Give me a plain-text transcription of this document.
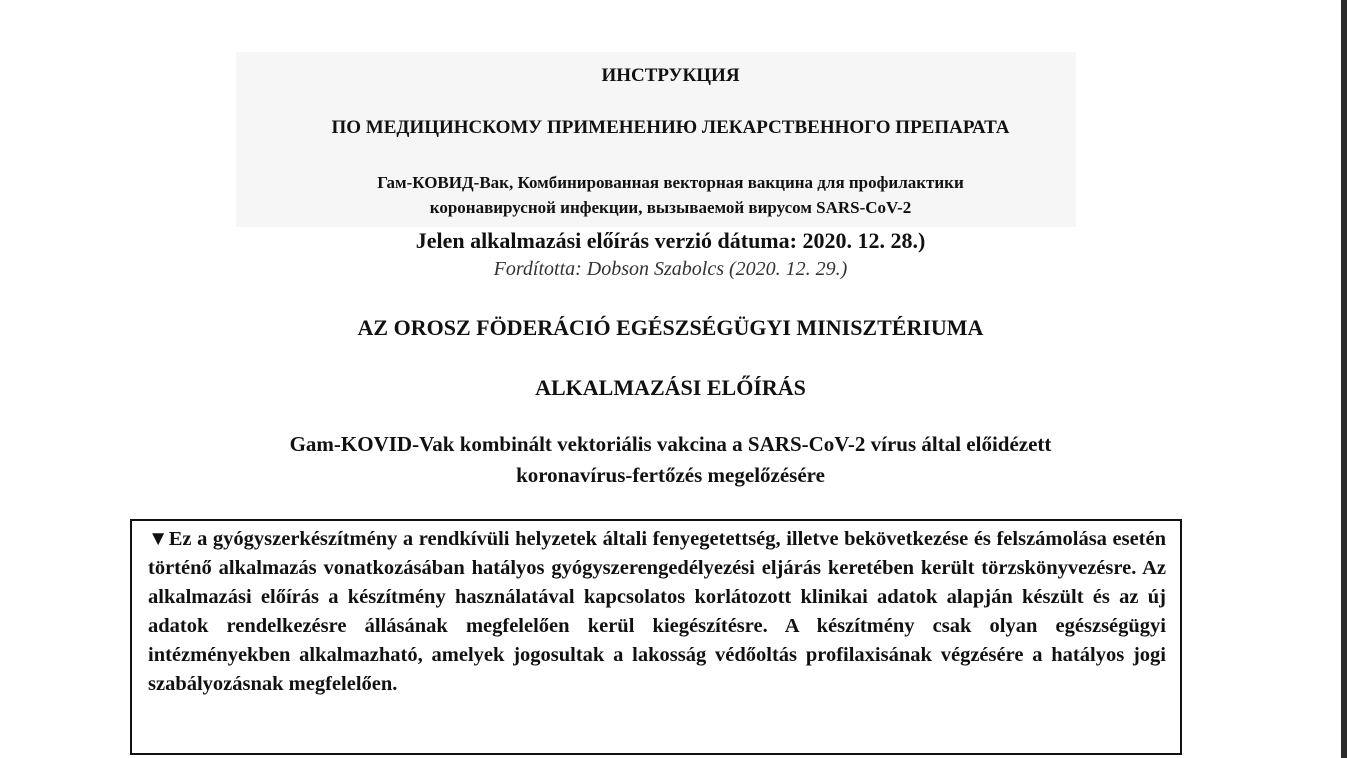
ИНСТРУКЦИЯ
ПО МЕДИЦИНСКОМУ ПРИМЕНЕНИЮ ЛЕКАРСТВЕННОГО ПРЕПАРАТА
Гам-КОВИД-Вак, Комбинированная векторная вакцина для профилактики
коронавирусной инфекции, вызываемой вирусом SARS-CoV-2
Jelen alkalmazási előírás verzió dátuma: 2020. 12. 28.)
Fordította: Dobson Szabolcs (2020. 12. 29.)
AZ OROSZ FÖDERÁCIÓ EGÉSZSÉGÜGYI MINISZTÉRIUMA
ALKALMAZÁSI ELŐÍRÁS
Gam-KOVID-Vak kombinált vektoriális vakcina a SARS-CoV-2 vírus által előidézett
koronavírus-fertőzés megelőzésére

▼Ez a gyógyszerkészítmény a rendkívüli helyzetek általi fenyegetettség, illetve bekövetkezése és felszámolása esetén történő alkalmazás vonatkozásában hatályos gyógyszerengedélyezési eljárás keretében került törzskönyvezésre. Az alkalmazási előírás a készítmény használatával kapcsolatos korlátozott klinikai adatok alapján készült és az új adatok rendelkezésre állásának megfelelően kerül kiegészítésre. A készítmény csak olyan egészségügyi intézményekben alkalmazható, amelyek jogosultak a lakosság védőoltás profilaxisának végzésére a hatályos jogi szabályozásnak megfelelően.
